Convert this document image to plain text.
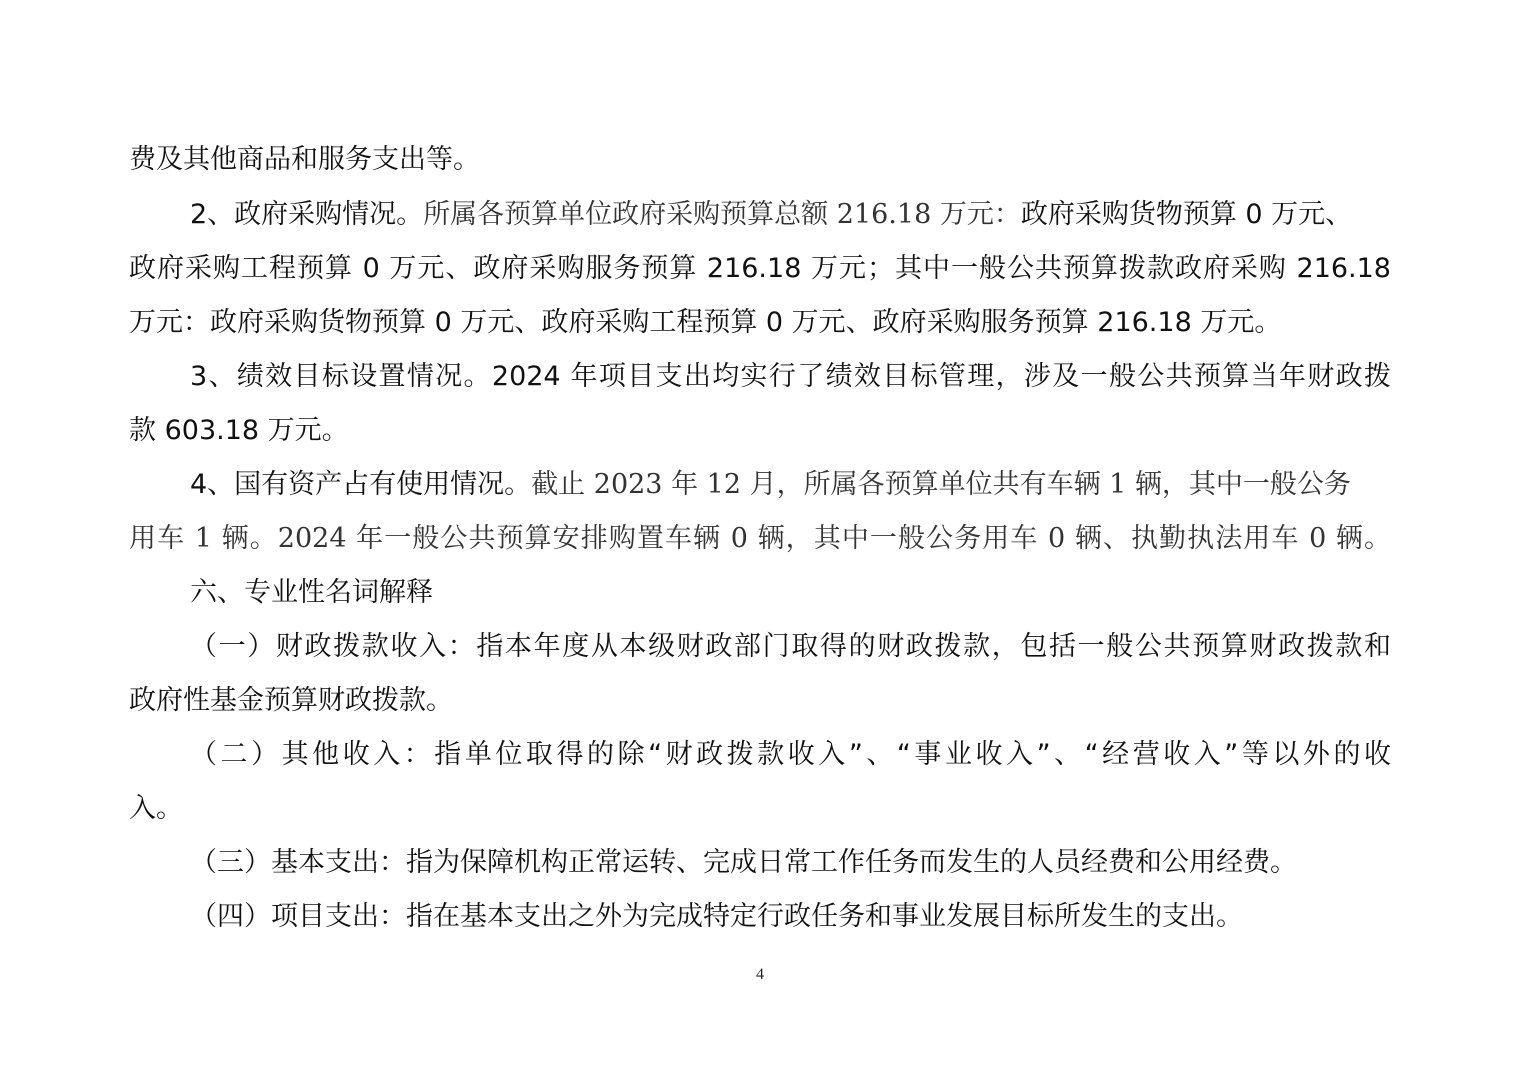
费及其他商品和服务支出等。
2、政府采购情况。所属各预算单位政府采购预算总额 216.18 万元：政府采购货物预算 0 万元、
政府采购工程预算 0 万元、政府采购服务预算 216.18 万元；其中一般公共预算拨款政府采购 216.18
万元：政府采购货物预算 0 万元、政府采购工程预算 0 万元、政府采购服务预算 216.18 万元。
3、绩效目标设置情况。2024 年项目支出均实行了绩效目标管理，涉及一般公共预算当年财政拨
款 603.18 万元。
4、国有资产占有使用情况。截止 2023 年 12 月，所属各预算单位共有车辆 1 辆，其中一般公务
用车 1 辆。2024 年一般公共预算安排购置车辆 0 辆，其中一般公务用车 0 辆、执勤执法用车 0 辆。
六、专业性名词解释
（一）财政拨款收入：指本年度从本级财政部门取得的财政拨款，包括一般公共预算财政拨款和
政府性基金预算财政拨款。
（二）其他收入：指单位取得的除“财政拨款收入”、“事业收入”、“经营收入”等以外的收
入。
（三）基本支出：指为保障机构正常运转、完成日常工作任务而发生的人员经费和公用经费。
（四）项目支出：指在基本支出之外为完成特定行政任务和事业发展目标所发生的支出。
4
